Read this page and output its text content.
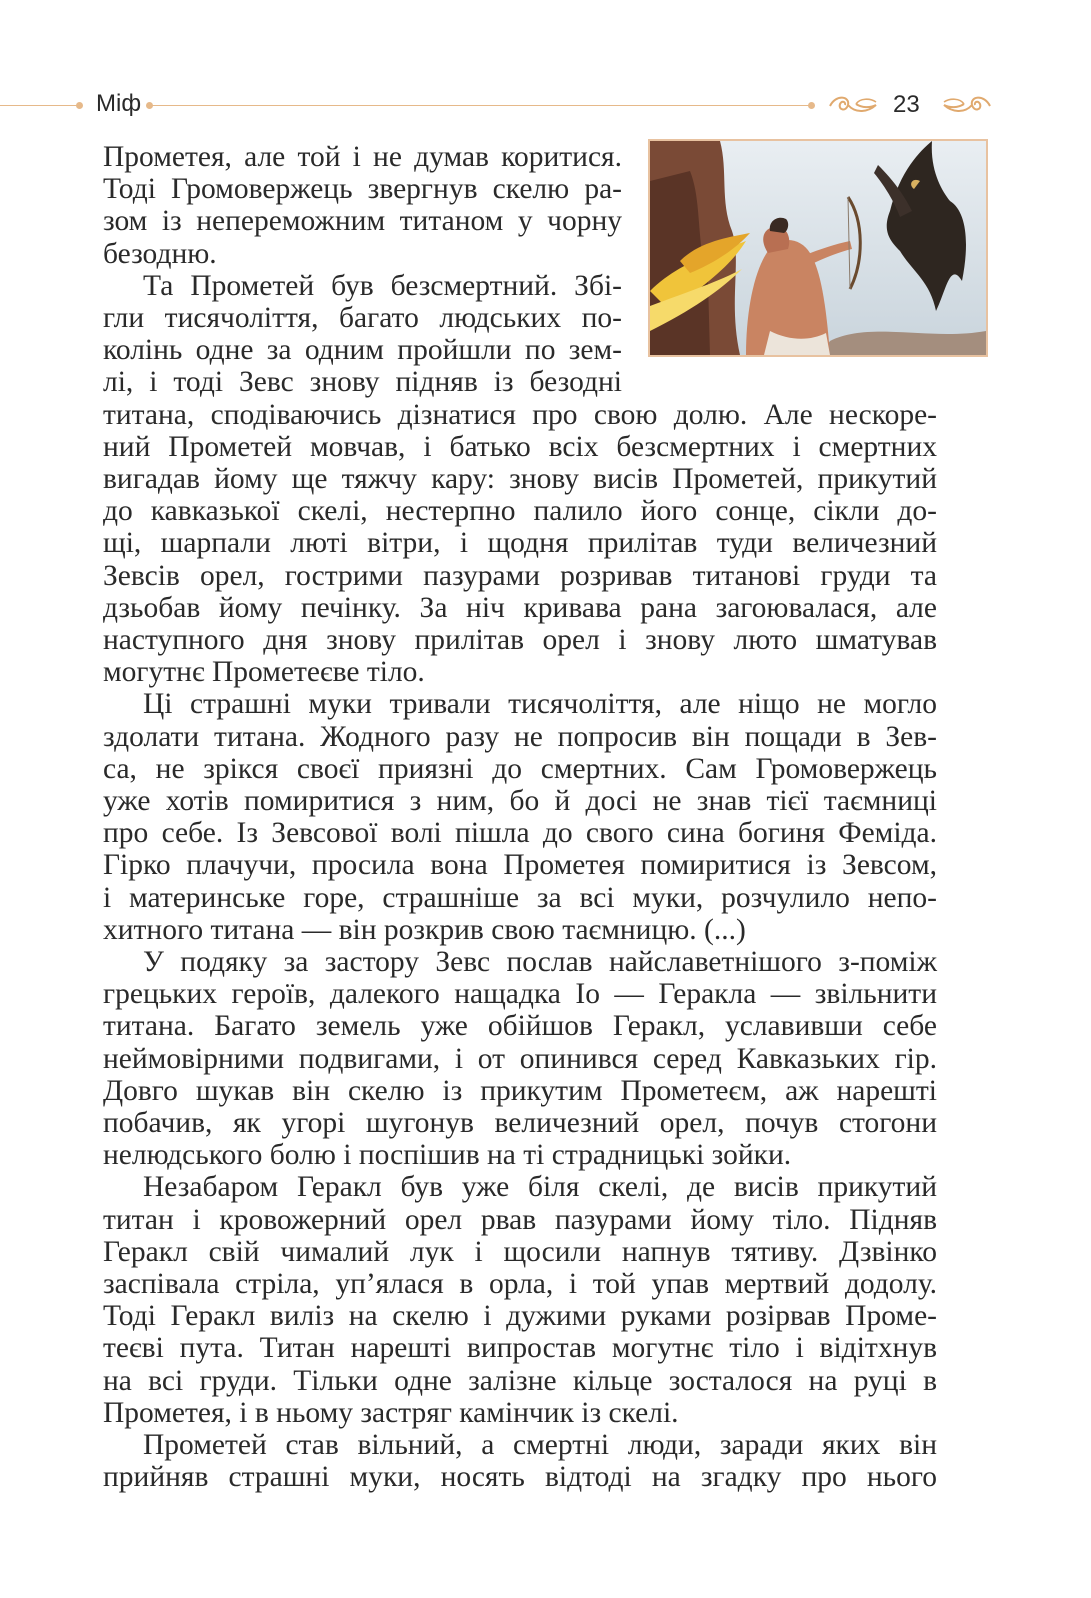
Міф	23
Прометея, але той і не думав коритися.
Тоді Громовержець звергнув скелю ра-
зом із непереможним титаном у чорну
безодню.
Та Прометей був безсмертний. Збі-
гли тисячоліття, багато людських по-
колінь одне за одним пройшли по зем-
лі, і тоді Зевс знову підняв із безодні
титана, сподіваючись дізнатися про свою долю. Але нескоре-
ний Прометей мовчав, і батько всіх безсмертних і смертних
вигадав йому ще тяжчу кару: знову висів Прометей, прикутий
до кавказької скелі, нестерпно палило його сонце, сікли до-
щі, шарпали люті вітри, і щодня прилітав туди величезний
Зевсів орел, гострими пазурами розривав титанові груди та
дзьобав йому печінку. За ніч кривава рана загоювалася, але
наступного дня знову прилітав орел і знову люто шматував
могутнє Прометеєве тіло.
Ці страшні муки тривали тисячоліття, але ніщо не могло
здолати титана. Жодного разу не попросив він пощади в Зев-
са, не зрікся своєї приязні до смертних. Сам Громовержець
уже хотів помиритися з ним, бо й досі не знав тієї таємниці
про себе. Із Зевсової волі пішла до свого сина богиня Феміда.
Гірко плачучи, просила вона Прометея помиритися із Зевсом,
і материнське горе, страшніше за всі муки, розчулило непо-
хитного титана — він розкрив свою таємницю. (...)
У подяку за застору Зевс послав найславетнішого з-поміж
грецьких героїв, далекого нащадка Іо — Геракла — звільнити
титана. Багато земель уже обійшов Геракл, уславивши себе
неймовірними подвигами, і от опинився серед Кавказьких гір.
Довго шукав він скелю із прикутим Прометеєм, аж нарешті
побачив, як угорі шугонув величезний орел, почув стогони
нелюдського болю і поспішив на ті страдницькі зойки.
Незабаром Геракл був уже біля скелі, де висів прикутий
титан і кровожерний орел рвав пазурами йому тіло. Підняв
Геракл свій чималий лук і щосили напнув тятиву. Дзвінко
заспівала стріла, уп’ялася в орла, і той упав мертвий додолу.
Тоді Геракл виліз на скелю і дужими руками розірвав Проме-
теєві пута. Титан нарешті випростав могутнє тіло і відітхнув
на всі груди. Тільки одне залізне кільце зосталося на руці в
Прометея, і в ньому застряг камінчик із скелі.
Прометей став вільний, а смертні люди, заради яких він
прийняв страшні муки, носять відтоді на згадку про нього
